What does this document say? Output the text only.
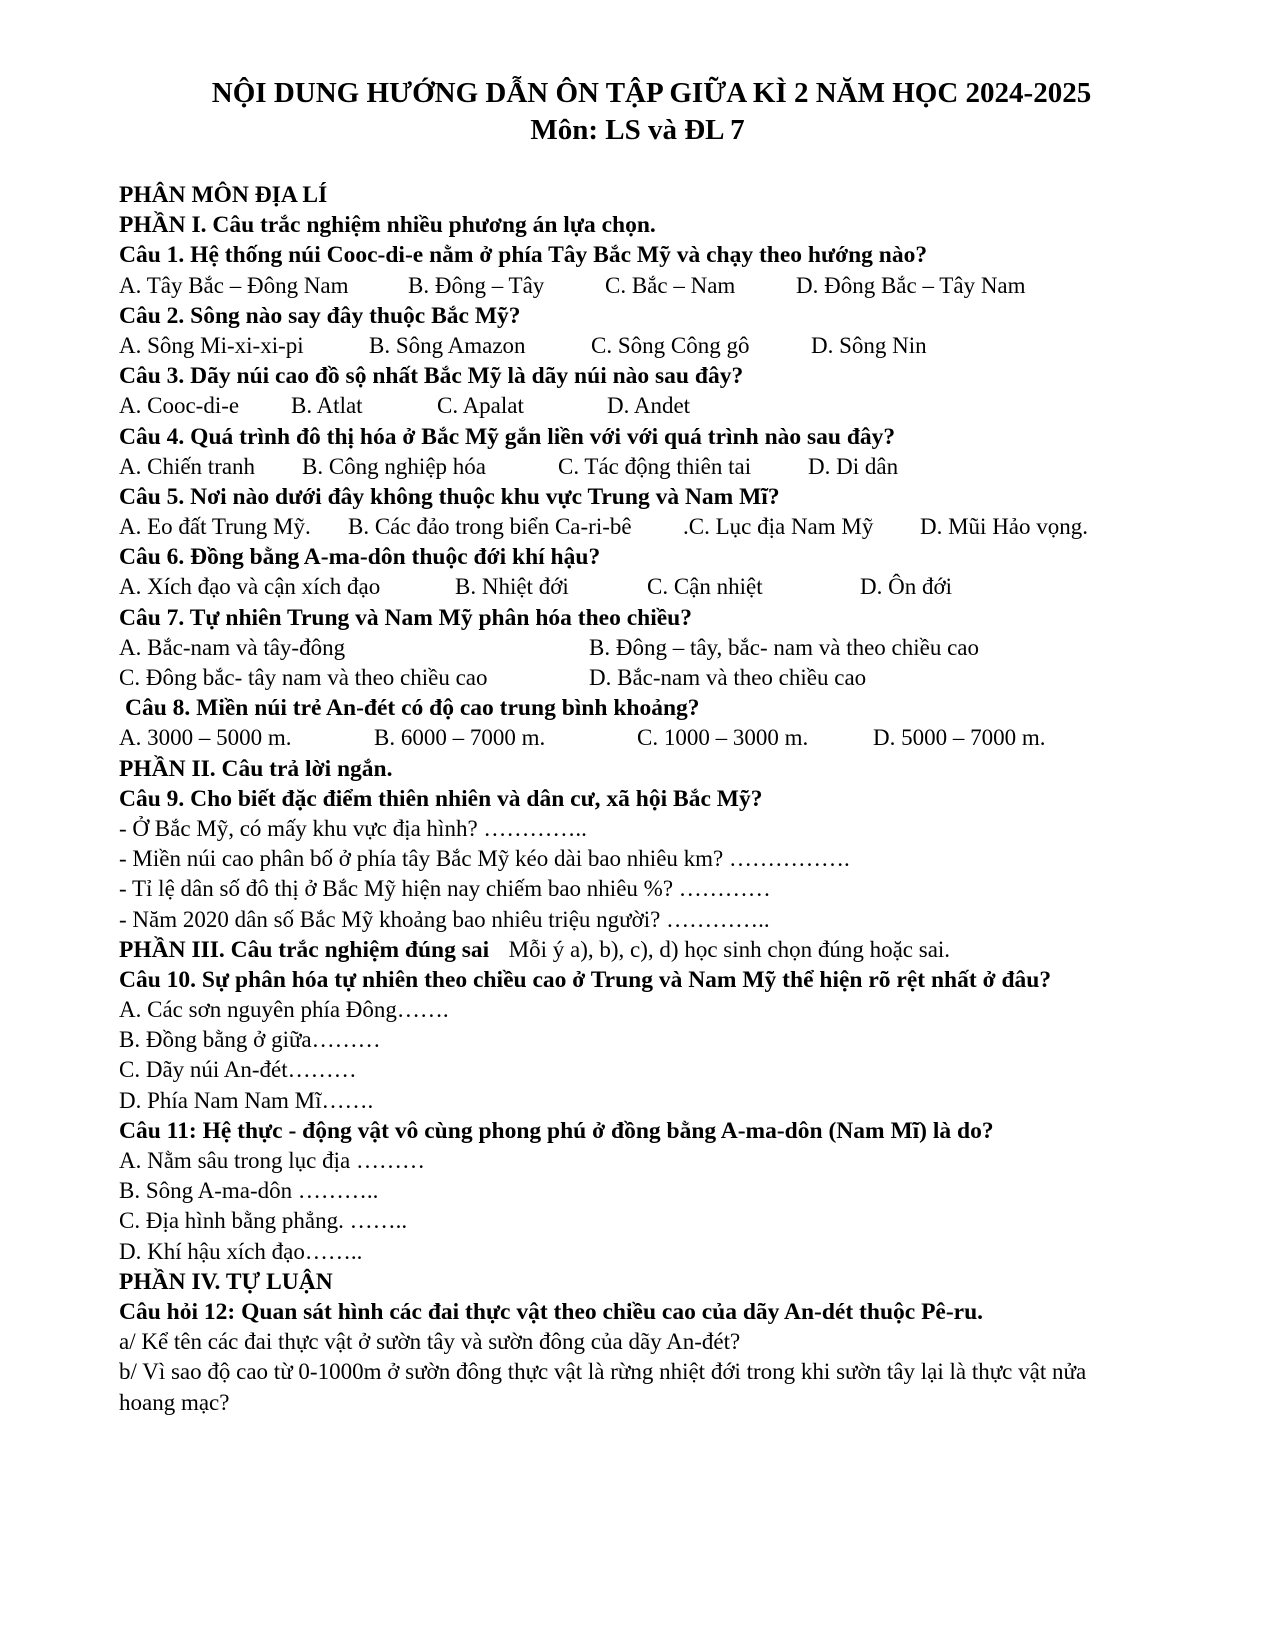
NỘI DUNG HƯỚNG DẪN ÔN TẬP GIỮA KÌ 2 NĂM HỌC 2024-2025
Môn: LS và ĐL 7
PHÂN MÔN ĐỊA LÍ
PHẦN I. Câu trắc nghiệm nhiều phương án lựa chọn.
Câu 1. Hệ thống núi Cooc-di-e nằm ở phía Tây Bắc Mỹ và chạy theo hướng nào?
A. Tây Bắc – Đông Nam	B. Đông – Tây	C. Bắc – Nam	D. Đông Bắc – Tây Nam
Câu 2. Sông nào say đây thuộc Bắc Mỹ?
A. Sông Mi-xi-xi-pi	B. Sông Amazon	C. Sông Công gô	D. Sông Nin
Câu 3. Dãy núi cao đồ sộ nhất Bắc Mỹ là dãy núi nào sau đây?
A. Cooc-di-e B. Atlat	C. Apalat	D. Andet
Câu 4. Quá trình đô thị hóa ở Bắc Mỹ gắn liền với với quá trình nào sau đây?
A. Chiến tranh B. Công nghiệp hóa	C. Tác động thiên tai D. Di dân
Câu 5. Nơi nào dưới đây không thuộc khu vực Trung và Nam Mĩ?
A. Eo đất Trung Mỹ. B. Các đảo trong biển Ca-ri-bê .C. Lục địa Nam Mỹ D. Mũi Hảo vọng.
Câu 6. Đồng bằng A-ma-dôn thuộc đới khí hậu?
A. Xích đạo và cận xích đạo	B. Nhiệt đới	C. Cận nhiệt	D. Ôn đới
Câu 7. Tự nhiên Trung và Nam Mỹ phân hóa theo chiều?
A. Bắc-nam và tây-đông	B. Đông – tây, bắc- nam và theo chiều cao
C. Đông bắc- tây nam và theo chiều cao	D. Bắc-nam và theo chiều cao
Câu 8. Miền núi trẻ An-đét có độ cao trung bình khoảng?
A. 3000 – 5000 m.	B. 6000 – 7000 m.	C. 1000 – 3000 m.	D. 5000 – 7000 m.
PHẦN II. Câu trả lời ngắn.
Câu 9. Cho biết đặc điểm thiên nhiên và dân cư, xã hội Bắc Mỹ?
- Ở Bắc Mỹ, có mấy khu vực địa hình? …………..
- Miền núi cao phân bố ở phía tây Bắc Mỹ kéo dài bao nhiêu km? …………….
- Tỉ lệ dân số đô thị ở Bắc Mỹ hiện nay chiếm bao nhiêu %? …………
- Năm 2020 dân số Bắc Mỹ khoảng bao nhiêu triệu người? …………..
PHẦN III. Câu trắc nghiệm đúng sai Mỗi ý a), b), c), d) học sinh chọn đúng hoặc sai.
Câu 10. Sự phân hóa tự nhiên theo chiều cao ở Trung và Nam Mỹ thể hiện rõ rệt nhất ở đâu?
A. Các sơn nguyên phía Đông…….
B. Đồng bằng ở giữa………
C. Dãy núi An-đét………
D. Phía Nam Nam Mĩ…….
Câu 11: Hệ thực - động vật vô cùng phong phú ở đồng bằng A-ma-dôn (Nam Mĩ) là do?
A. Nằm sâu trong lục địa ………
B. Sông A-ma-dôn ………..
C. Địa hình bằng phẳng. ……..
D. Khí hậu xích đạo……..
PHẦN IV. TỰ LUẬN
Câu hỏi 12: Quan sát hình các đai thực vật theo chiều cao của dãy An-dét thuộc Pê-ru.
a/ Kể tên các đai thực vật ở sườn tây và sườn đông của dãy An-đét?
b/ Vì sao độ cao từ 0-1000m ở sườn đông thực vật là rừng nhiệt đới trong khi sườn tây lại là thực vật nửa hoang mạc?
